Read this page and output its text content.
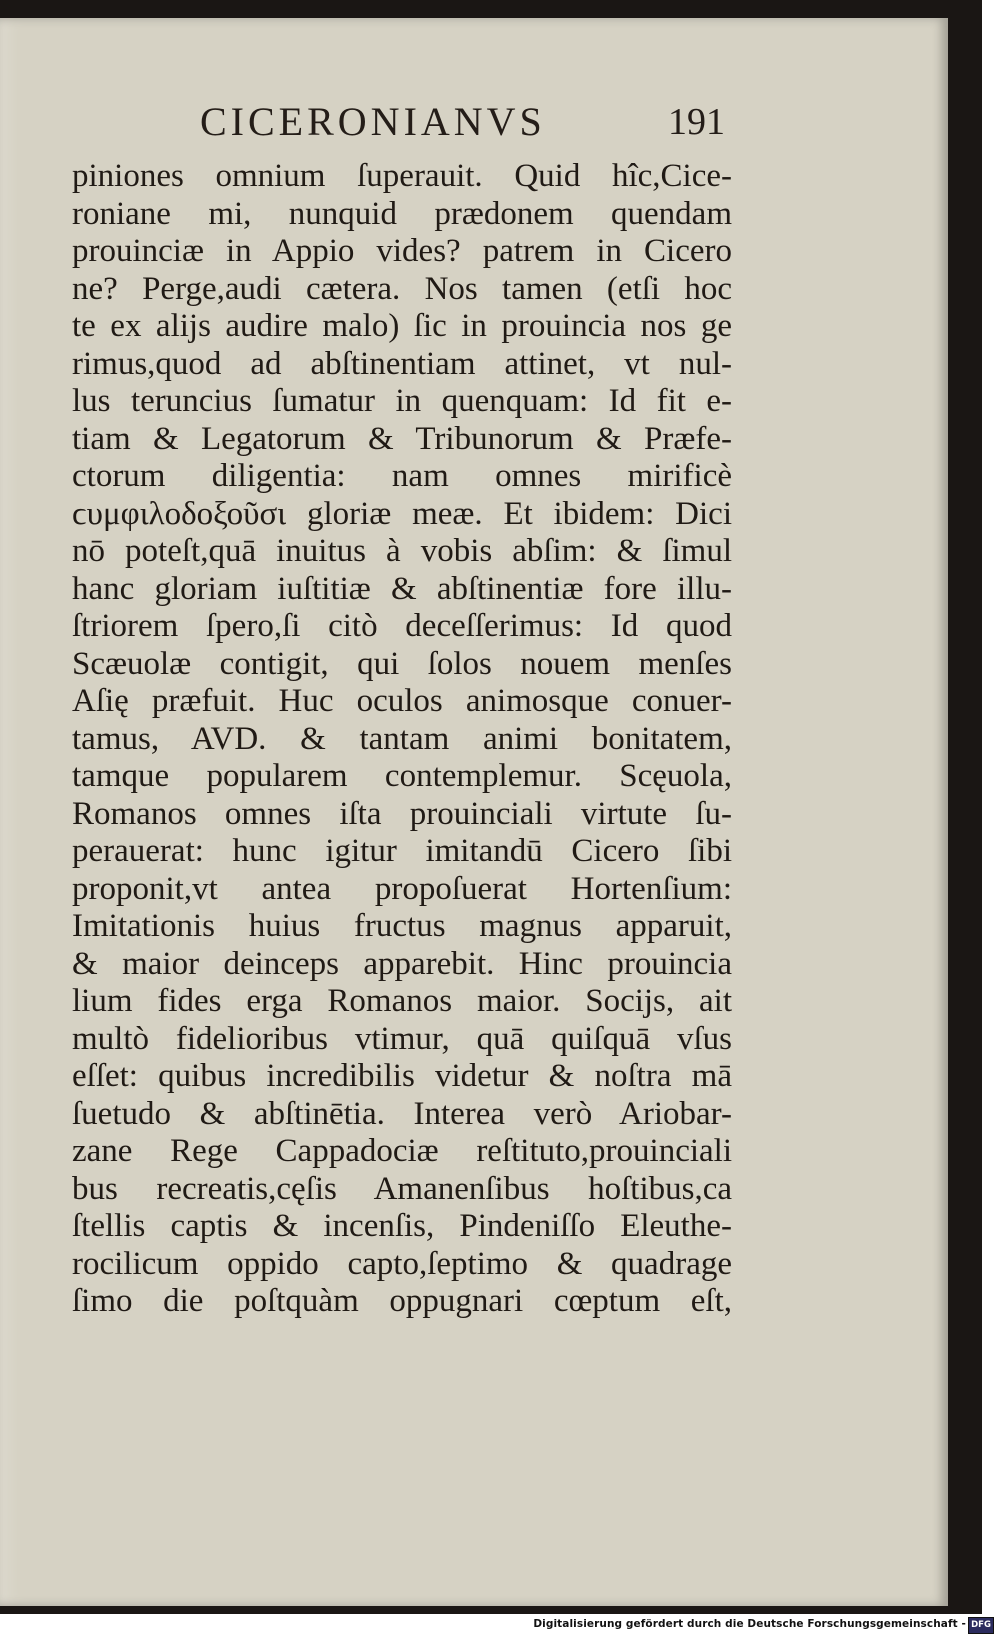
CICERONIANVS	191
piniones omnium ſuperauit. Quid hîc,Cice-
roniane mi, nunquid prædonem quendam
prouinciæ in Appio vides? patrem in Cicero
ne? Perge,audi cætera. Nos tamen (etſi hoc
te ex alijs audire malo) ſic in prouincia nos ge
rimus,quod ad abſtinentiam attinet, vt nul-
lus teruncius ſumatur in quenquam: Id fit e-
tiam & Legatorum & Tribunorum & Præfe-
ctorum diligentia: nam omnes mirificè
ϲυμφιλοδοξοῦσι gloriæ meæ. Et ibidem: Dici
nō poteſt,quā inuitus à vobis abſim: & ſimul
hanc gloriam iuſtitiæ & abſtinentiæ fore illu-
ſtriorem ſpero,ſi citò deceſſerimus: Id quod
Scæuolæ contigit, qui ſolos nouem menſes
Aſię præfuit. Huc oculos animosque conuer-
tamus, AVD. & tantam animi bonitatem,
tamque popularem contemplemur. Scęuola,
Romanos omnes iſta prouinciali virtute ſu-
perauerat: hunc igitur imitandū Cicero ſibi
proponit,vt antea propoſuerat Hortenſium:
Imitationis huius fructus magnus apparuit,
& maior deinceps apparebit. Hinc prouincia
lium fides erga Romanos maior. Socijs, ait
multò fidelioribus vtimur, quā quiſquā vſus
eſſet: quibus incredibilis videtur & noſtra mā
ſuetudo & abſtinētia. Interea verò Ariobar-
zane Rege Cappadociæ reſtituto,prouinciali
bus recreatis,cęſis Amanenſibus hoſtibus,ca
ſtellis captis & incenſis, Pindeniſſo Eleuthe-
rocilicum oppido capto,ſeptimo & quadrage
ſimo die poſtquàm oppugnari cœptum eſt,
Digitalisierung gefördert durch die Deutsche Forschungsgemeinschaft - DFG
